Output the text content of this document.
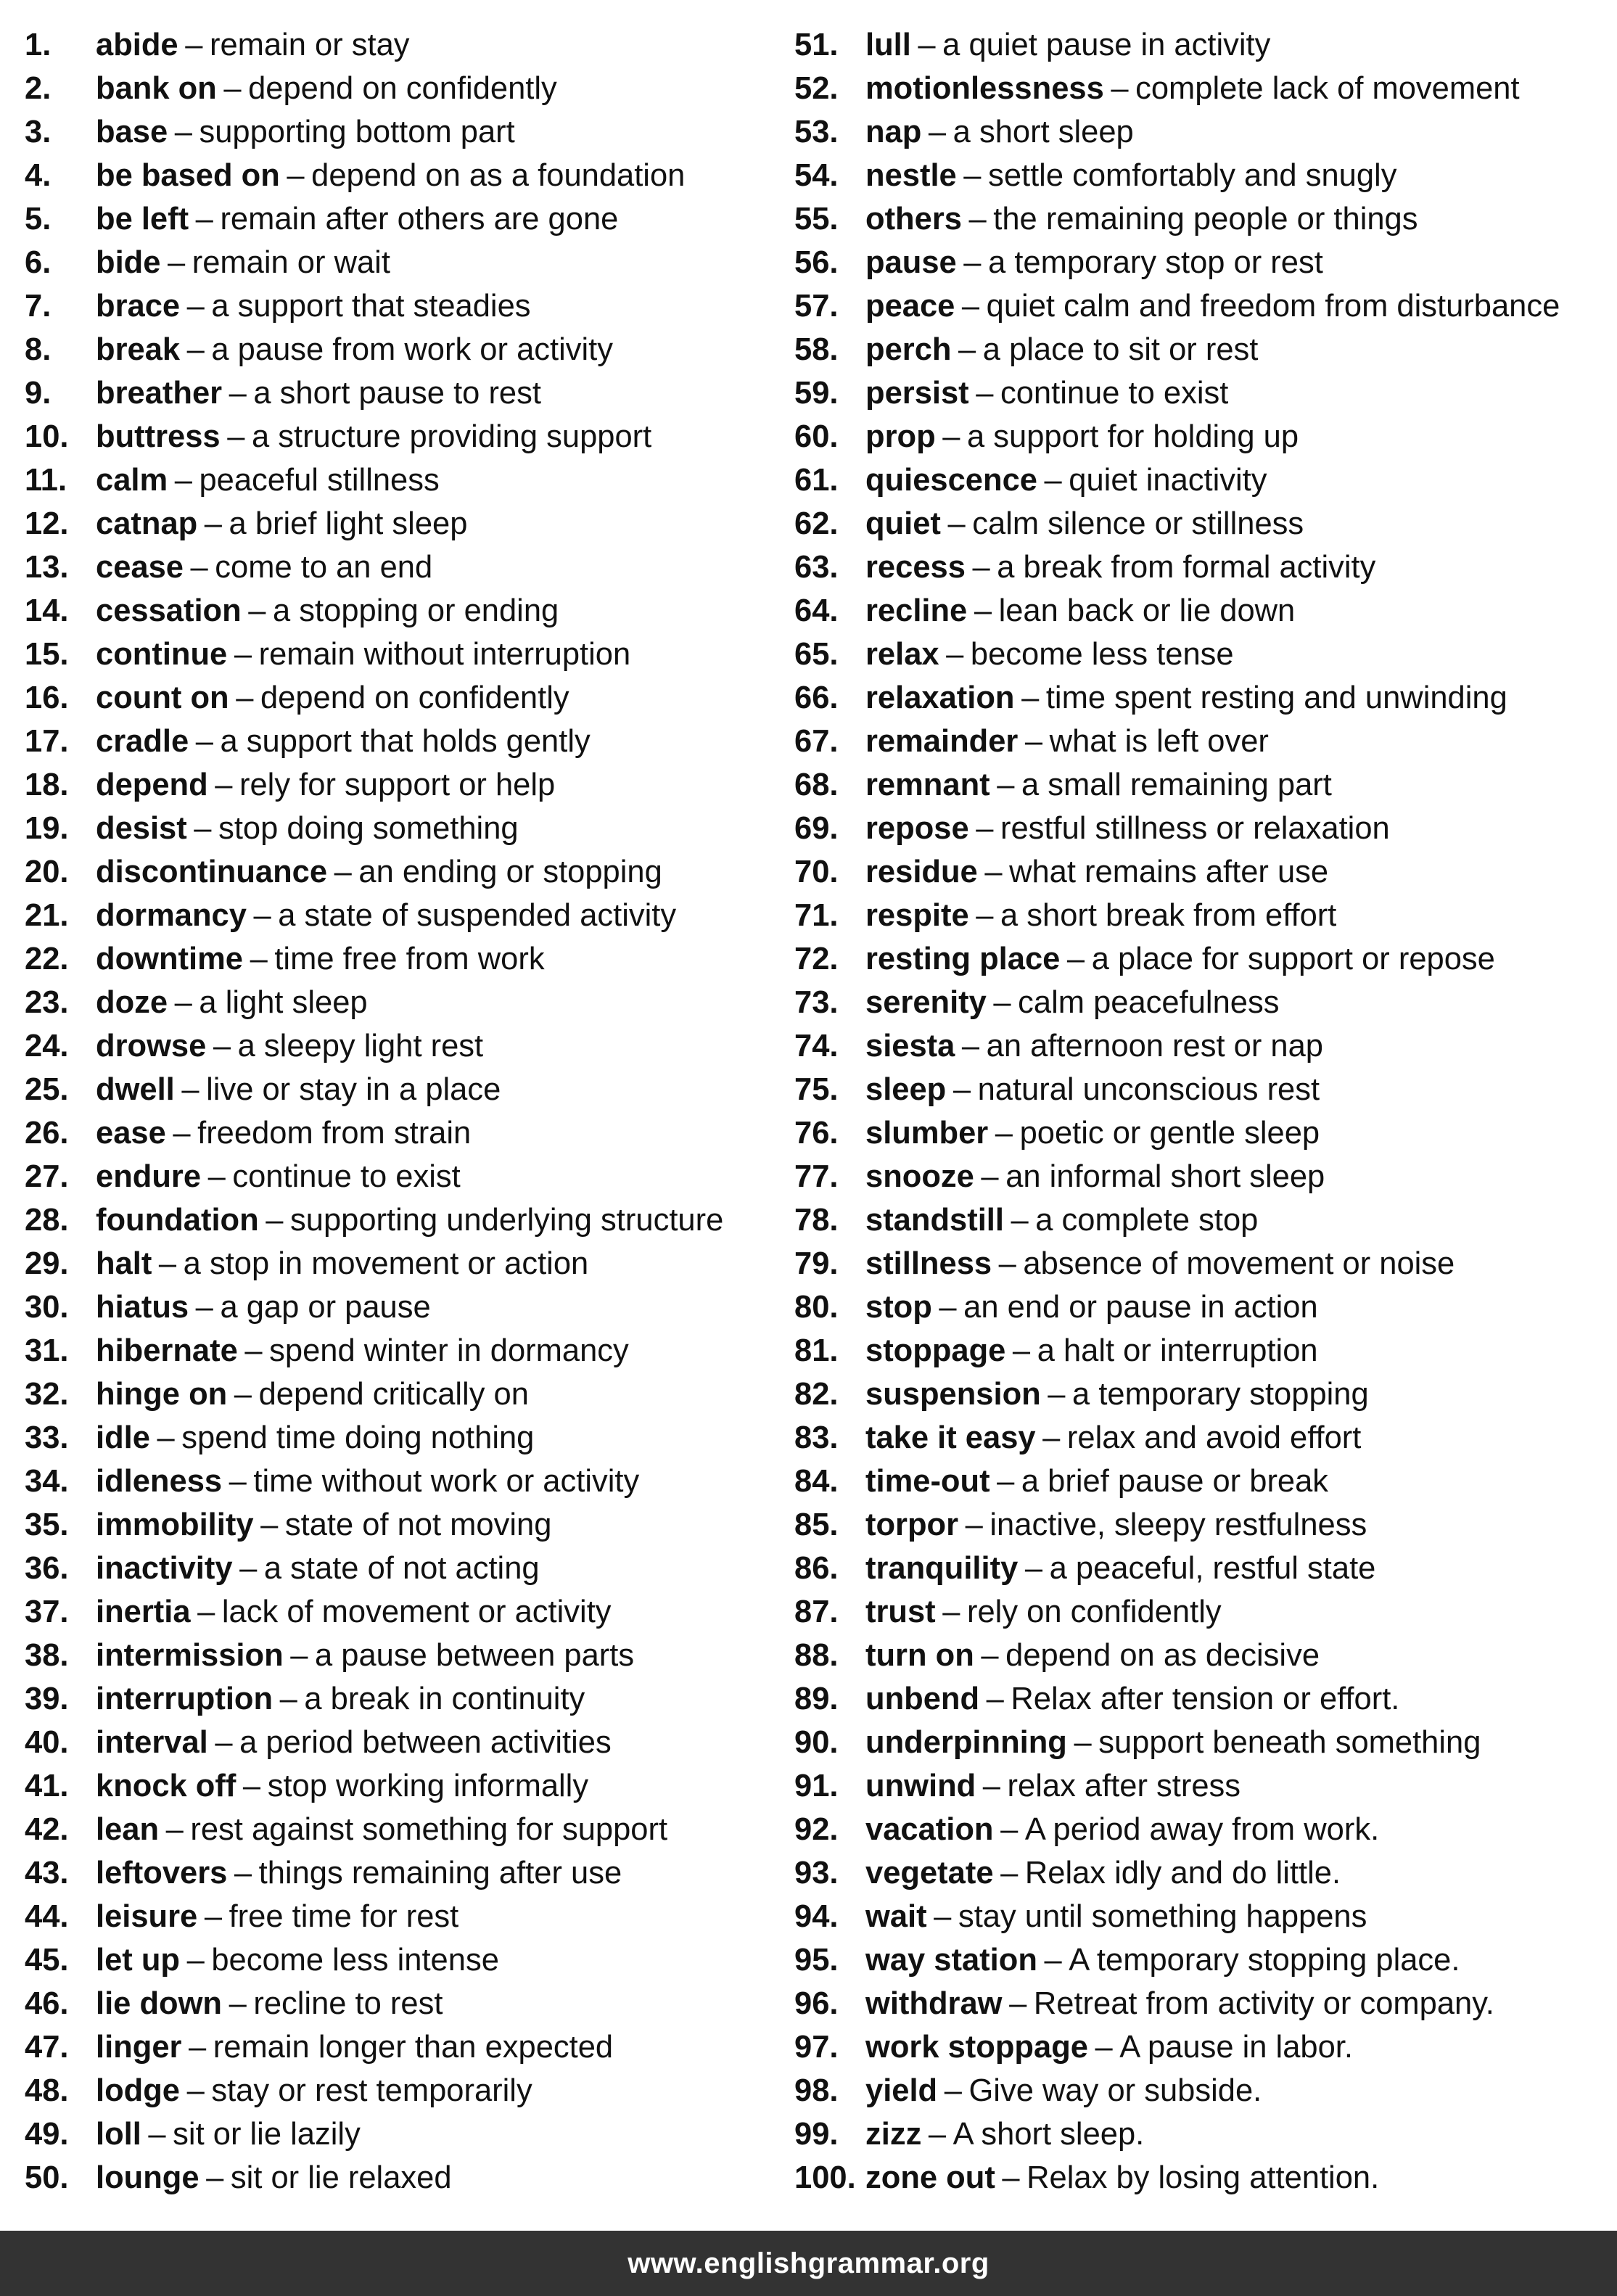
1.	abide – remain or stay
2.	bank on – depend on confidently
3.	base – supporting bottom part
4.	be based on – depend on as a foundation
5.	be left – remain after others are gone
6.	bide – remain or wait
7.	brace – a support that steadies
8.	break – a pause from work or activity
9.	breather – a short pause to rest
10. buttress – a structure providing support
11. calm – peaceful stillness
12. catnap – a brief light sleep
13. cease – come to an end
14. cessation – a stopping or ending
15. continue – remain without interruption
16. count on – depend on confidently
17. cradle – a support that holds gently
18. depend – rely for support or help
19. desist – stop doing something
20. discontinuance – an ending or stopping
21. dormancy – a state of suspended activity
22. downtime – time free from work
23. doze – a light sleep
24. drowse – a sleepy light rest
25. dwell – live or stay in a place
26. ease – freedom from strain
27. endure – continue to exist
28. foundation – supporting underlying structure
29. halt – a stop in movement or action
30. hiatus – a gap or pause
31. hibernate – spend winter in dormancy
32. hinge on – depend critically on
33. idle – spend time doing nothing
34. idleness – time without work or activity
35. immobility – state of not moving
36. inactivity – a state of not acting
37. inertia – lack of movement or activity
38. intermission – a pause between parts
39. interruption – a break in continuity
40. interval – a period between activities
41. knock off – stop working informally
42. lean – rest against something for support
43. leftovers – things remaining after use
44. leisure – free time for rest
45. let up – become less intense
46. lie down – recline to rest
47. linger – remain longer than expected
48. lodge – stay or rest temporarily
49. loll – sit or lie lazily
50. lounge – sit or lie relaxed
51. lull – a quiet pause in activity
52. motionlessness – complete lack of movement
53. nap – a short sleep
54. nestle – settle comfortably and snugly
55. others – the remaining people or things
56. pause – a temporary stop or rest
57. peace – quiet calm and freedom from disturbance
58. perch – a place to sit or rest
59. persist – continue to exist
60. prop – a support for holding up
61. quiescence – quiet inactivity
62. quiet – calm silence or stillness
63. recess – a break from formal activity
64. recline – lean back or lie down
65. relax – become less tense
66. relaxation – time spent resting and unwinding
67. remainder – what is left over
68. remnant – a small remaining part
69. repose – restful stillness or relaxation
70. residue – what remains after use
71. respite – a short break from effort
72. resting place – a place for support or repose
73. serenity – calm peacefulness
74. siesta – an afternoon rest or nap
75. sleep – natural unconscious rest
76. slumber – poetic or gentle sleep
77. snooze – an informal short sleep
78. standstill – a complete stop
79. stillness – absence of movement or noise
80. stop – an end or pause in action
81. stoppage – a halt or interruption
82. suspension – a temporary stopping
83. take it easy – relax and avoid effort
84. time-out – a brief pause or break
85. torpor – inactive, sleepy restfulness
86. tranquility – a peaceful, restful state
87. trust – rely on confidently
88. turn on – depend on as decisive
89. unbend – Relax after tension or effort.
90. underpinning – support beneath something
91. unwind – relax after stress
92. vacation – A period away from work.
93. vegetate – Relax idly and do little.
94. wait – stay until something happens
95. way station – A temporary stopping place.
96. withdraw – Retreat from activity or company.
97. work stoppage – A pause in labor.
98. yield – Give way or subside.
99. zizz – A short sleep.
100. zone out – Relax by losing attention.
www.englishgrammar.org
